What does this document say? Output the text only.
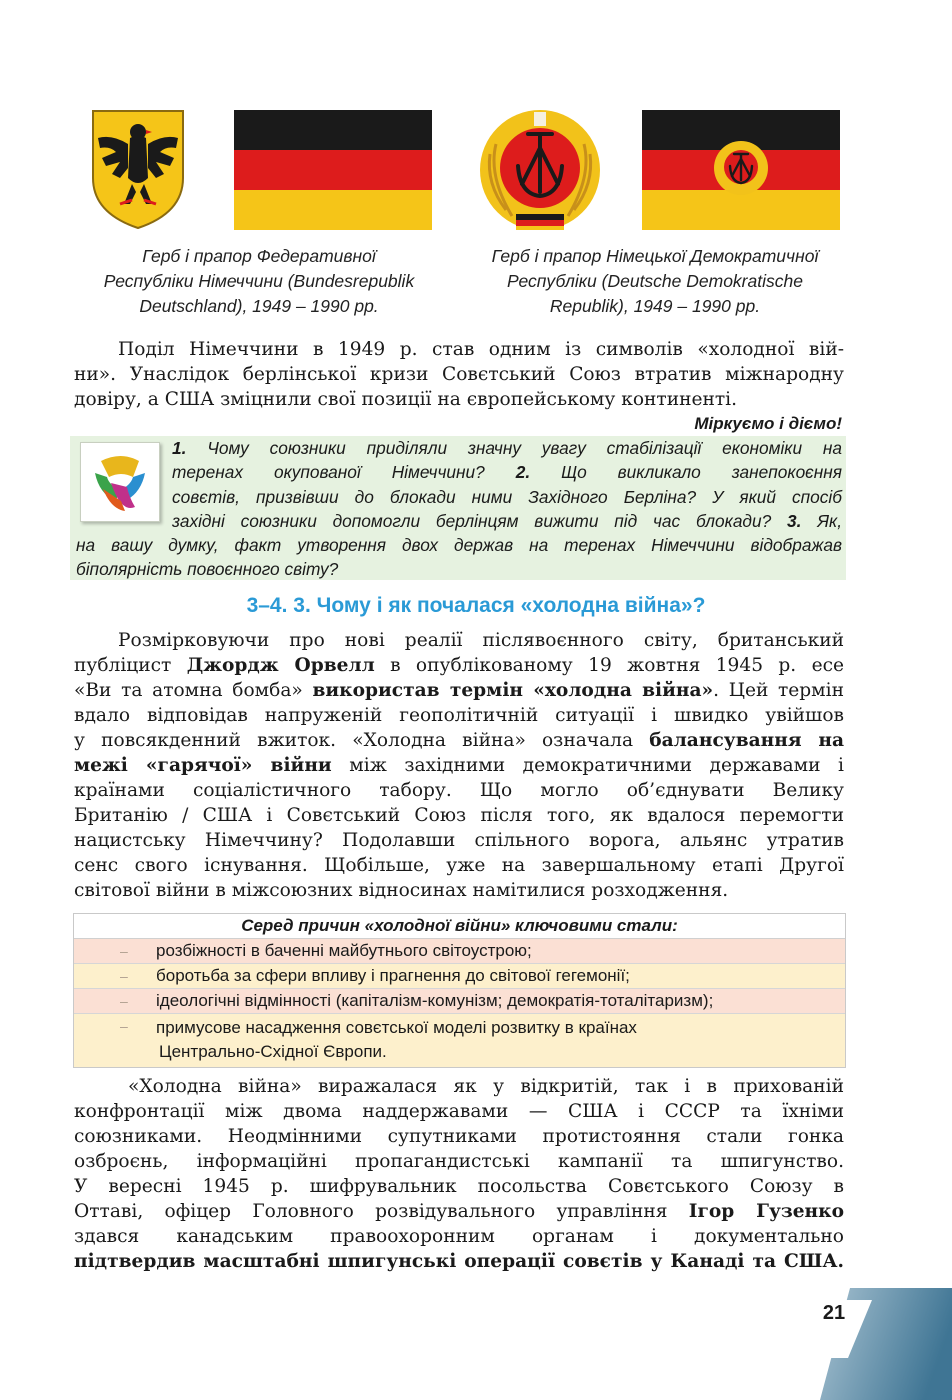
Герб і прапор Федеративної
Республіки Німеччини (Bundesrepublik
Deutschland), 1949 – 1990 рр.
Герб і прапор Німецької Демократичної
Республіки (Deutsche Demokratische
Republik), 1949 – 1990 рр.
Поділ Німеччини в 1949 р. став одним із символів «холодної вій-
ни». Унаслідок берлінської кризи Совєтський Союз втратив міжнародну
довіру, а США зміцнили свої позиції на європейському континенті.
Міркуємо і діємо!
1. Чому союзники приділяли значну увагу стабілізації економіки на
теренах окупованої Німеччини? 2. Що викликало занепокоєння
совєтів, призвівши до блокади ними Західного Берліна? У який спосіб
західні союзники допомогли берлінцям вижити під час блокади? 3. Як,
на вашу думку, факт утворення двох держав на теренах Німеччини відображав
біполярність повоєнного світу?
3–4. 3. Чому і як почалася «холодна війна»?
Розмірковуючи про нові реалії післявоєнного світу, британський
публіцист Джордж Орвелл в опублікованому 19 жовтня 1945 р. есе
«Ви та атомна бомба» використав термін «холодна війна». Цей термін
вдало відповідав напруженій геополітичній ситуації і швидко увійшов
у повсякденний вжиток. «Холодна війна» означала балансування на
межі «гарячої» війни між західними демократичними державами і
країнами соціалістичного табору. Що могло об’єднувати Велику
Британію / США і Совєтський Союз після того, як вдалося перемогти
нацистську Німеччину? Подолавши спільного ворога, альянс утратив
сенс свого існування. Щобільше, уже на завершальному етапі Другої
світової війни в міжсоюзних відносинах намітилися розходження.
Серед причин «холодної війни» ключовими стали:
– розбіжності в баченні майбутнього світоустрою;
– боротьба за сфери впливу і прагнення до світової гегемонії;
– ідеологічні відмінності (капіталізм-комунізм; демократія-тоталітаризм);
– примусове насадження совєтської моделі розвитку в країнах
Центрально-Східної Європи.
«Холодна війна» виражалася як у відкритій, так і в прихованій
конфронтації між двома наддержавами — США і СССР та їхніми
союзниками. Неодмінними супутниками протистояння стали гонка
озброєнь, інформаційні пропагандистські кампанії та шпигунство.
У вересні 1945 р. шифрувальник посольства Совєтського Союзу в
Оттаві, офіцер Головного розвідувального управління Ігор Гузенко
здався канадським правоохоронним органам і документально
підтвердив масштабні шпигунські операції совєтів у Канаді та США.
21
